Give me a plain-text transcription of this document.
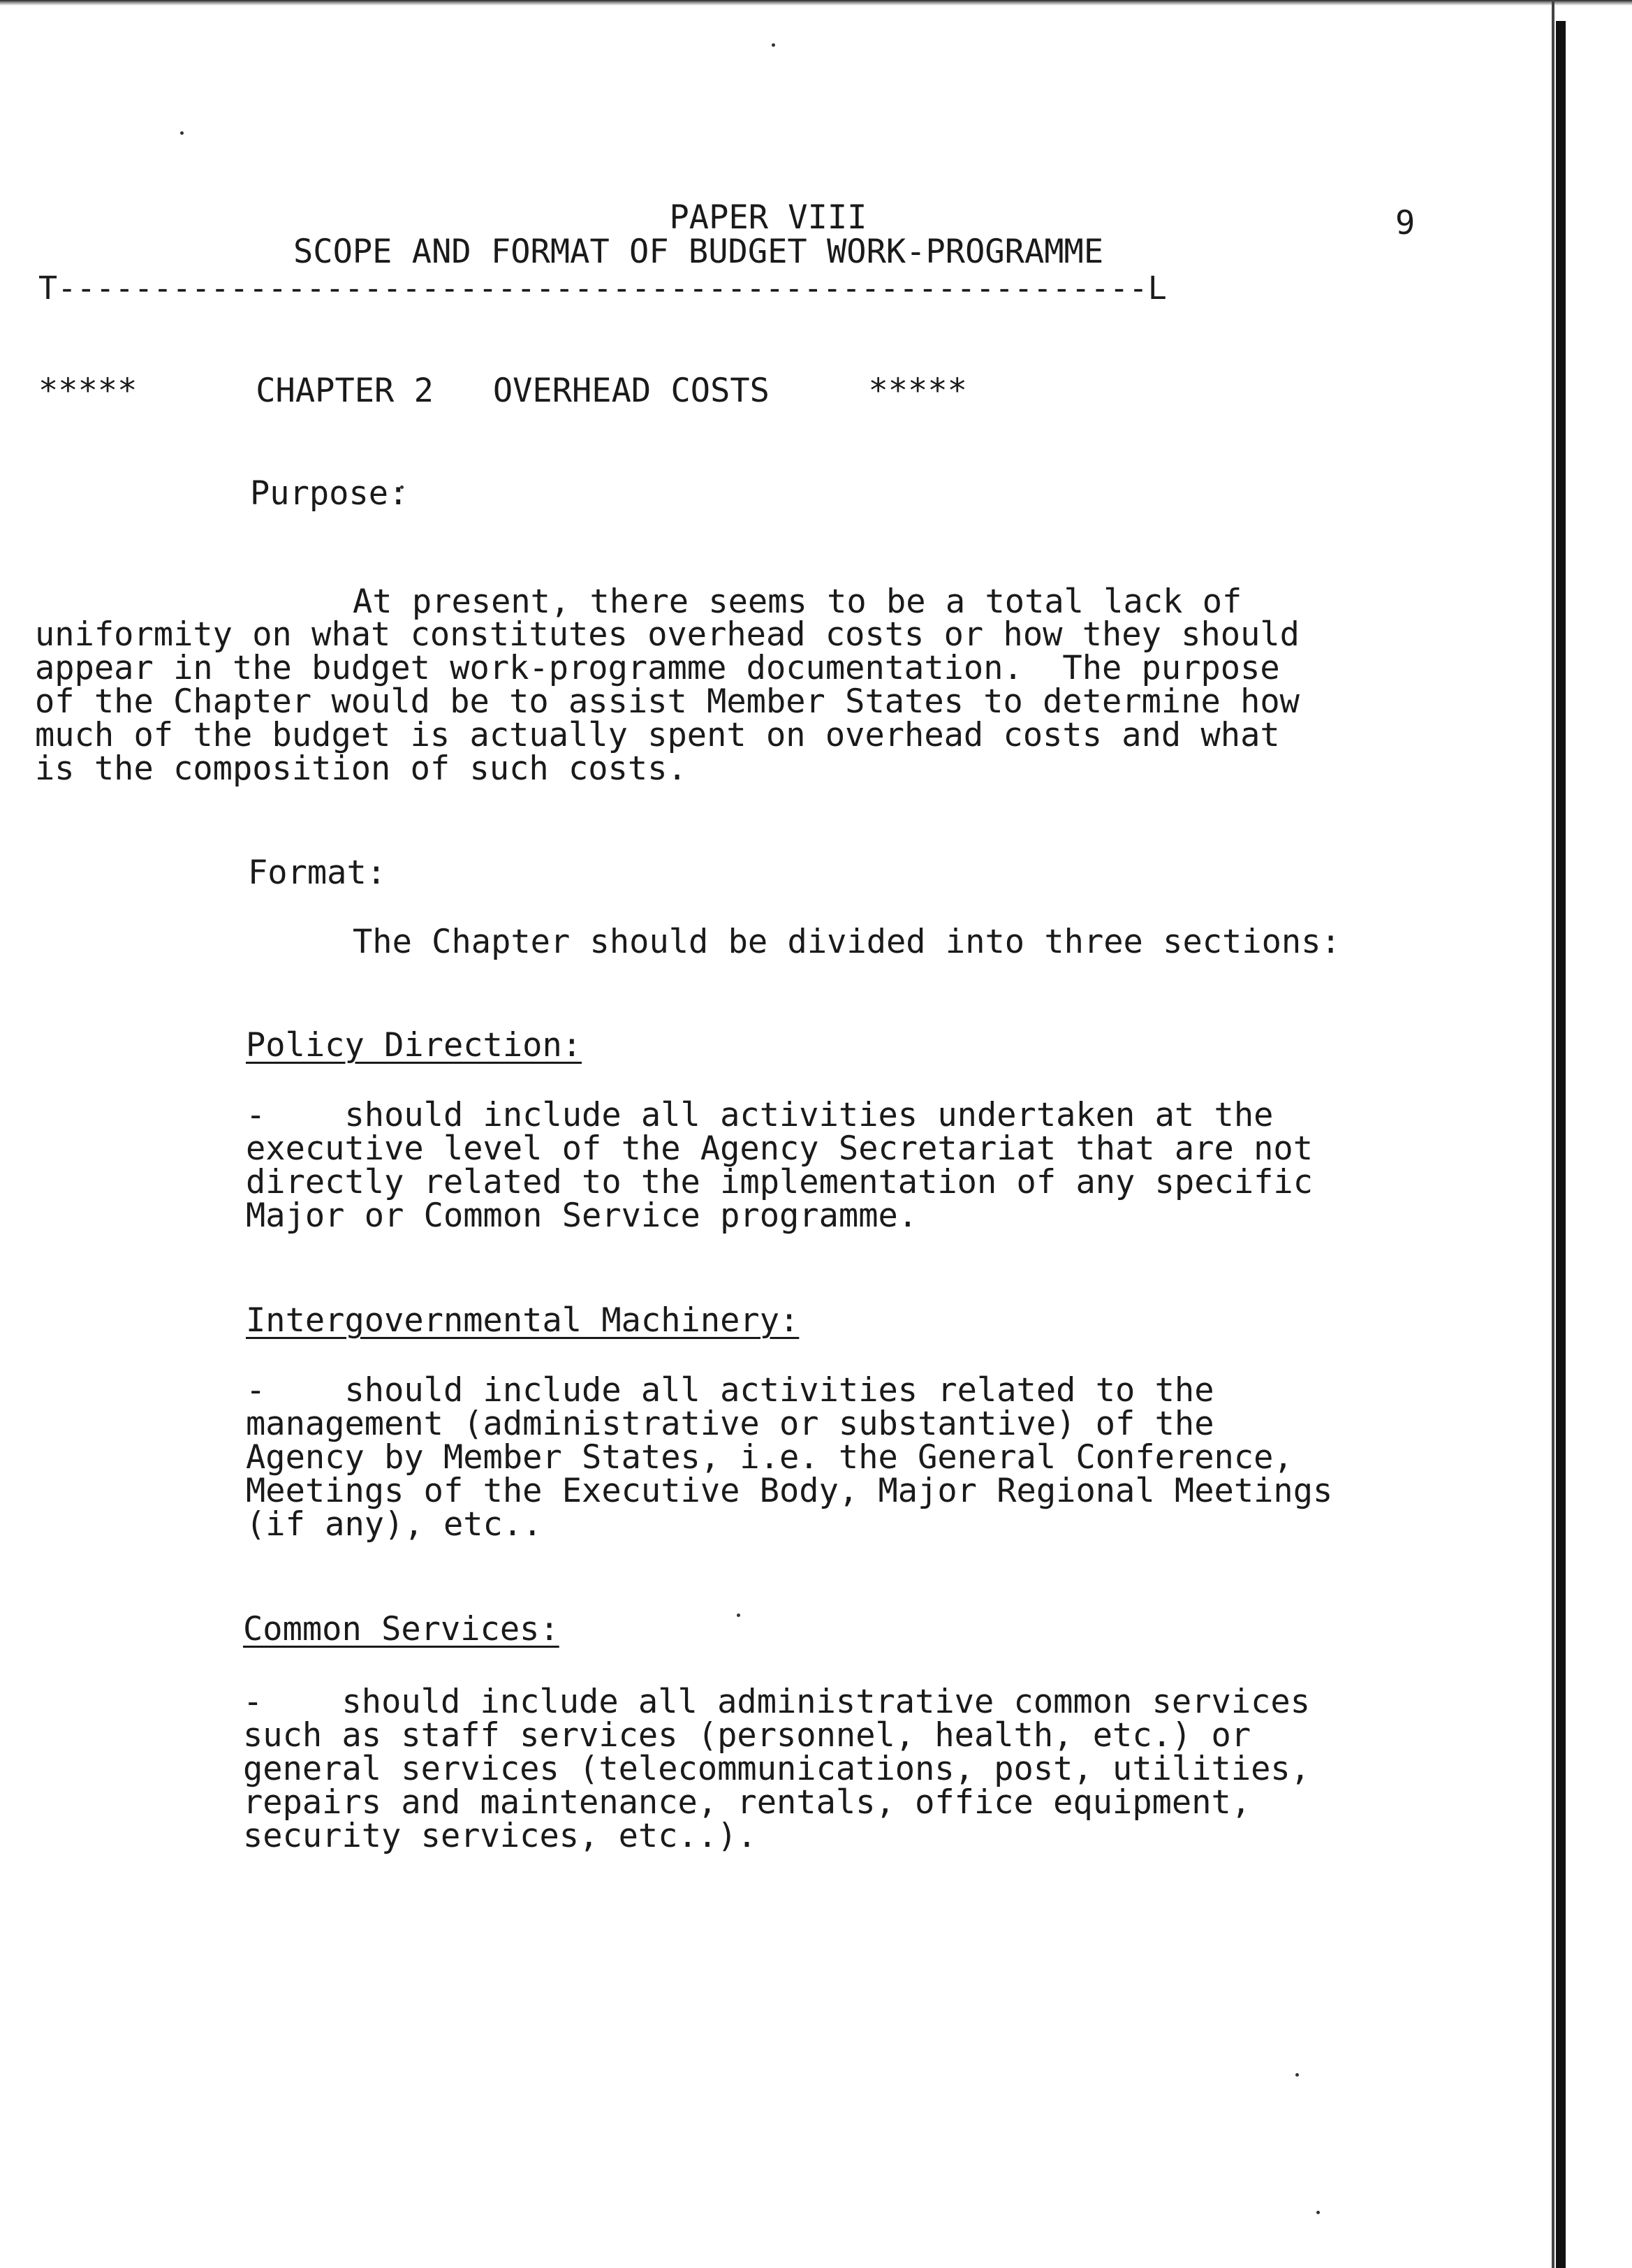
PAPER VIII	9
SCOPE AND FORMAT OF BUDGET WORK-PROGRAMME
T---------------------------------------------------------L
*****      CHAPTER 2   OVERHEAD COSTS     *****
Purpose:
At present, there seems to be a total lack of
uniformity on what constitutes overhead costs or how they should
appear in the budget work-programme documentation.  The purpose
of the Chapter would be to assist Member States to determine how
much of the budget is actually spent on overhead costs and what
is the composition of such costs.
Format:
The Chapter should be divided into three sections:
Policy Direction:
-    should include all activities undertaken at the
executive level of the Agency Secretariat that are not
directly related to the implementation of any specific
Major or Common Service programme.
Intergovernmental Machinery:
-    should include all activities related to the
management (administrative or substantive) of the
Agency by Member States, i.e. the General Conference,
Meetings of the Executive Body, Major Regional Meetings
(if any), etc..
Common Services:
-    should include all administrative common services
such as staff services (personnel, health, etc.) or
general services (telecommunications, post, utilities,
repairs and maintenance, rentals, office equipment,
security services, etc..).
